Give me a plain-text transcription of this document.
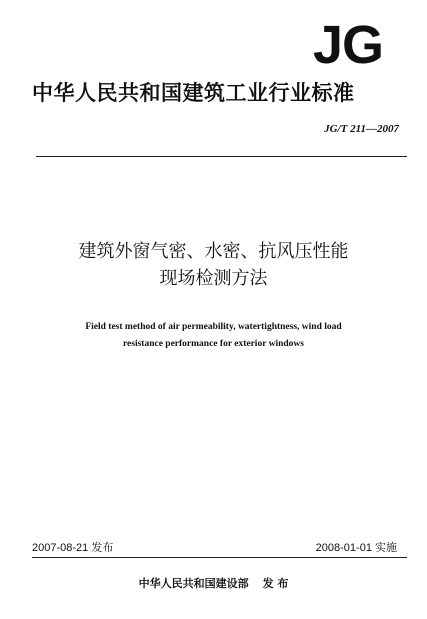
JG
中华人民共和国建筑工业行业标准
JG/T 211—2007
建筑外窗气密、水密、抗风压性能
现场检测方法
Field test method of air permeability, watertightness, wind load
resistance performance for exterior windows
2007-08-21 发布	2008-01-01 实施
中华人民共和国建设部 发 布
